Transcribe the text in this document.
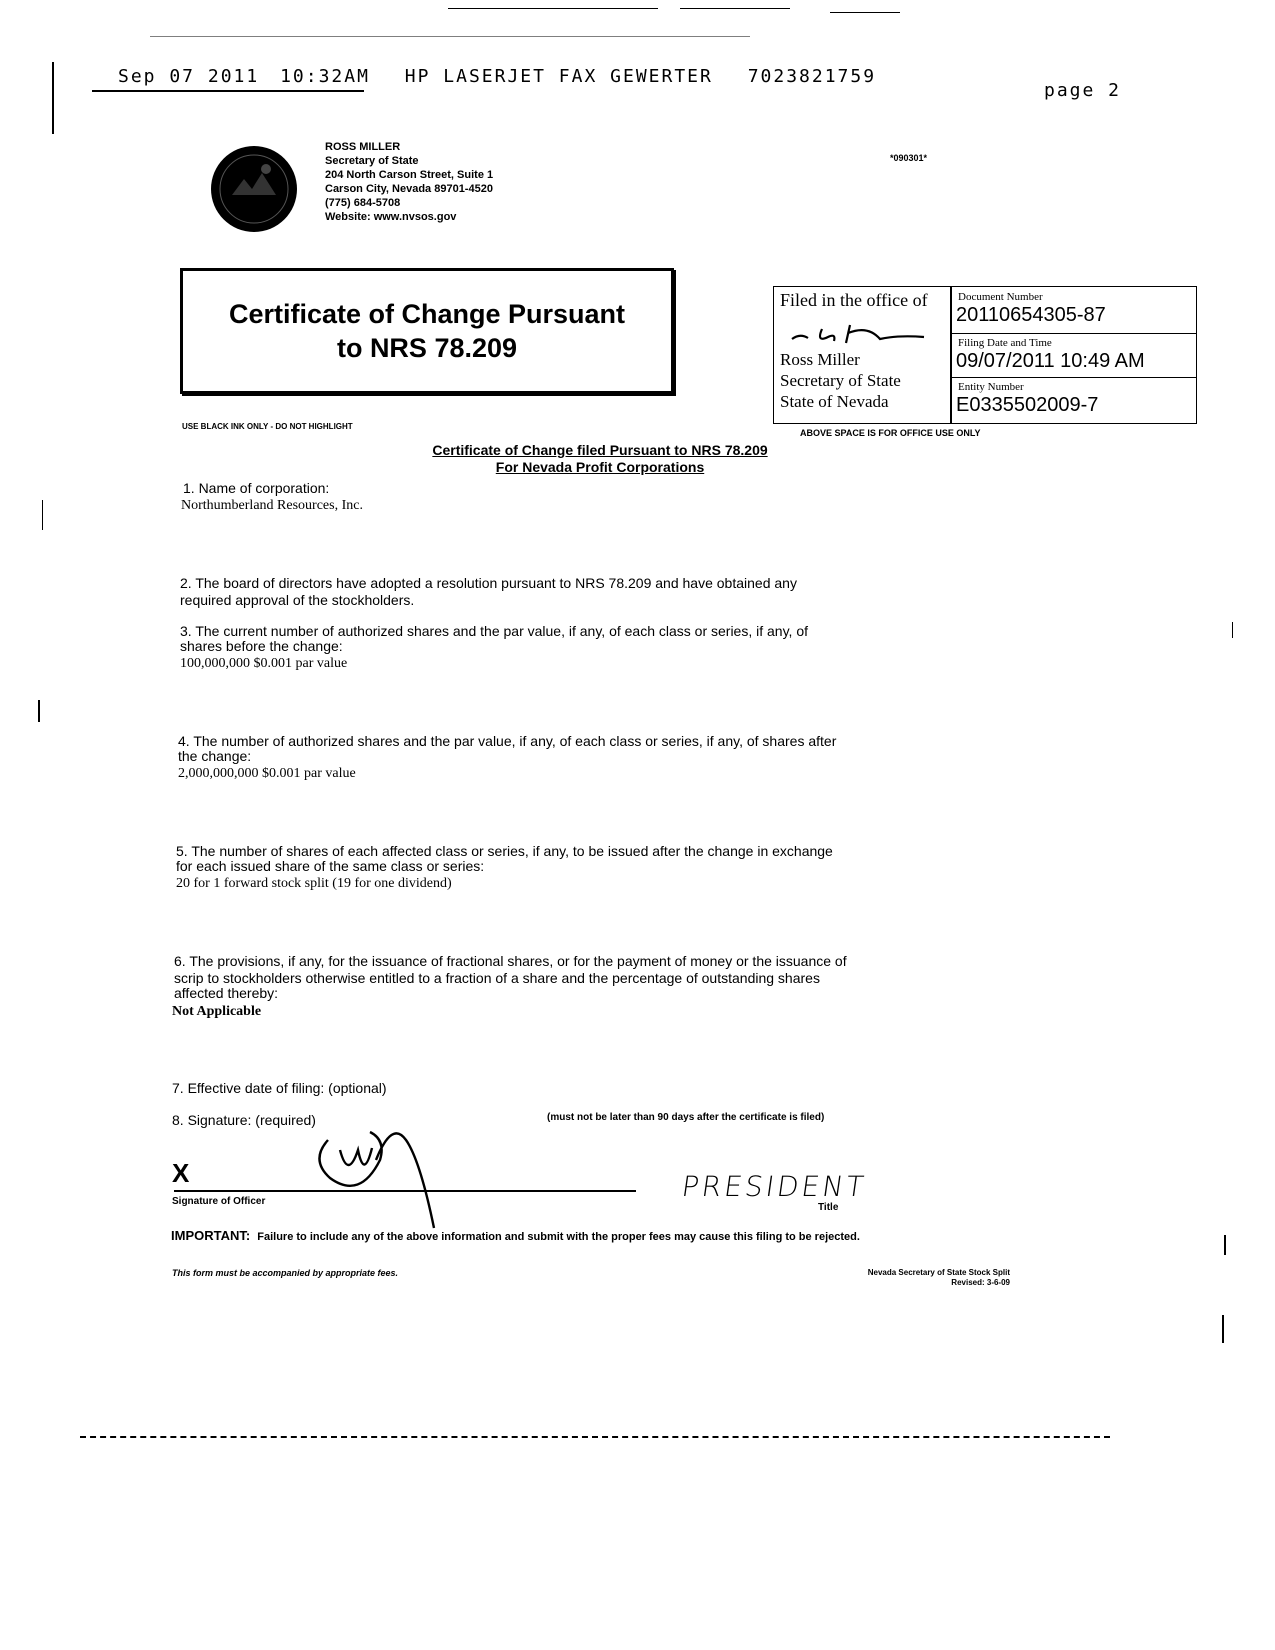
Sep 07 2011 10:32AM HP LASERJET FAX GEWERTER 7023821759
page 2
ROSS MILLER
Secretary of State
204 North Carson Street, Suite 1
Carson City, Nevada 89701-4520
(775) 684-5708
Website: www.nvsos.gov
*090301*
Certificate of Change Pursuant
to NRS 78.209
Filed in the office of
Ross Miller
Secretary of State
State of Nevada
Document Number
20110654305-87
Filing Date and Time
09/07/2011 10:49 AM
Entity Number
E0335502009-7
ABOVE SPACE IS FOR OFFICE USE ONLY
USE BLACK INK ONLY - DO NOT HIGHLIGHT
Certificate of Change filed Pursuant to NRS 78.209
For Nevada Profit Corporations
1. Name of corporation:
Northumberland Resources, Inc.
2. The board of directors have adopted a resolution pursuant to NRS 78.209 and have obtained any
required approval of the stockholders.
3. The current number of authorized shares and the par value, if any, of each class or series, if any, of
shares before the change:
100,000,000 $0.001 par value
4. The number of authorized shares and the par value, if any, of each class or series, if any, of shares after
the change:
2,000,000,000 $0.001 par value
5. The number of shares of each affected class or series, if any, to be issued after the change in exchange
for each issued share of the same class or series:
20 for 1 forward stock split (19 for one dividend)
6. The provisions, if any, for the issuance of fractional shares, or for the payment of money or the issuance of
scrip to stockholders otherwise entitled to a fraction of a share and the percentage of outstanding shares
affected thereby:
Not Applicable
7. Effective date of filing: (optional)
(must not be later than 90 days after the certificate is filed)
8. Signature: (required)
X
Signature of Officer	PRESIDENT
Title
IMPORTANT: Failure to include any of the above information and submit with the proper fees may cause this filing to be rejected.
This form must be accompanied by appropriate fees.	Nevada Secretary of State Stock Split
Revised: 3-6-09
